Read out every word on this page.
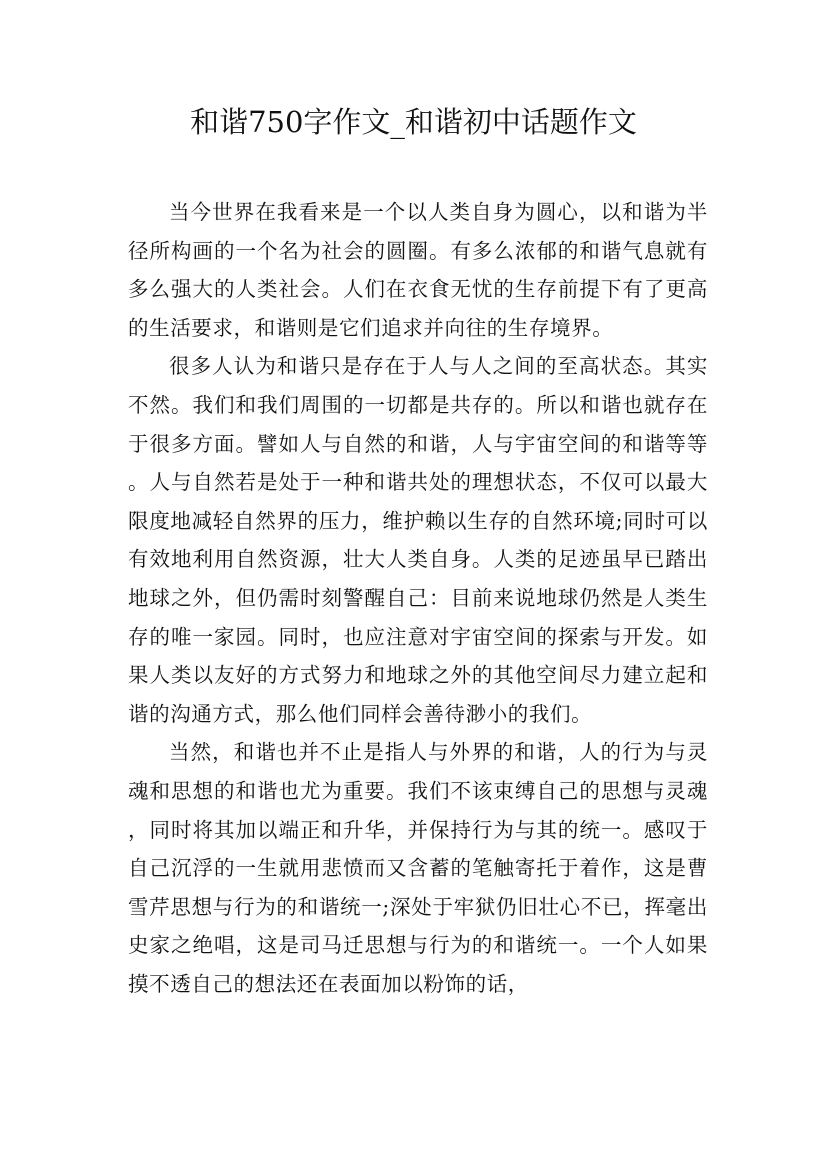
和谐750字作文_和谐初中话题作文

当今世界在我看来是一个以人类自身为圆心，以和谐为半径所构画的一个名为社会的圆圈。有多么浓郁的和谐气息就有多么强大的人类社会。人们在衣食无忧的生存前提下有了更高的生活要求，和谐则是它们追求并向往的生存境界。

很多人认为和谐只是存在于人与人之间的至高状态。其实不然。我们和我们周围的一切都是共存的。所以和谐也就存在于很多方面。譬如人与自然的和谐，人与宇宙空间的和谐等等。人与自然若是处于一种和谐共处的理想状态，不仅可以最大限度地减轻自然界的压力，维护赖以生存的自然环境;同时可以有效地利用自然资源，壮大人类自身。人类的足迹虽早已踏出地球之外，但仍需时刻警醒自己：目前来说地球仍然是人类生存的唯一家园。同时，也应注意对宇宙空间的探索与开发。如果人类以友好的方式努力和地球之外的其他空间尽力建立起和谐的沟通方式，那么他们同样会善待渺小的我们。

当然，和谐也并不止是指人与外界的和谐，人的行为与灵魂和思想的和谐也尤为重要。我们不该束缚自己的思想与灵魂，同时将其加以端正和升华，并保持行为与其的统一。感叹于自己沉浮的一生就用悲愤而又含蓄的笔触寄托于着作，这是曹雪芹思想与行为的和谐统一;深处于牢狱仍旧壮心不已，挥毫出史家之绝唱，这是司马迁思想与行为的和谐统一。一个人如果摸不透自己的想法还在表面加以粉饰的话，
